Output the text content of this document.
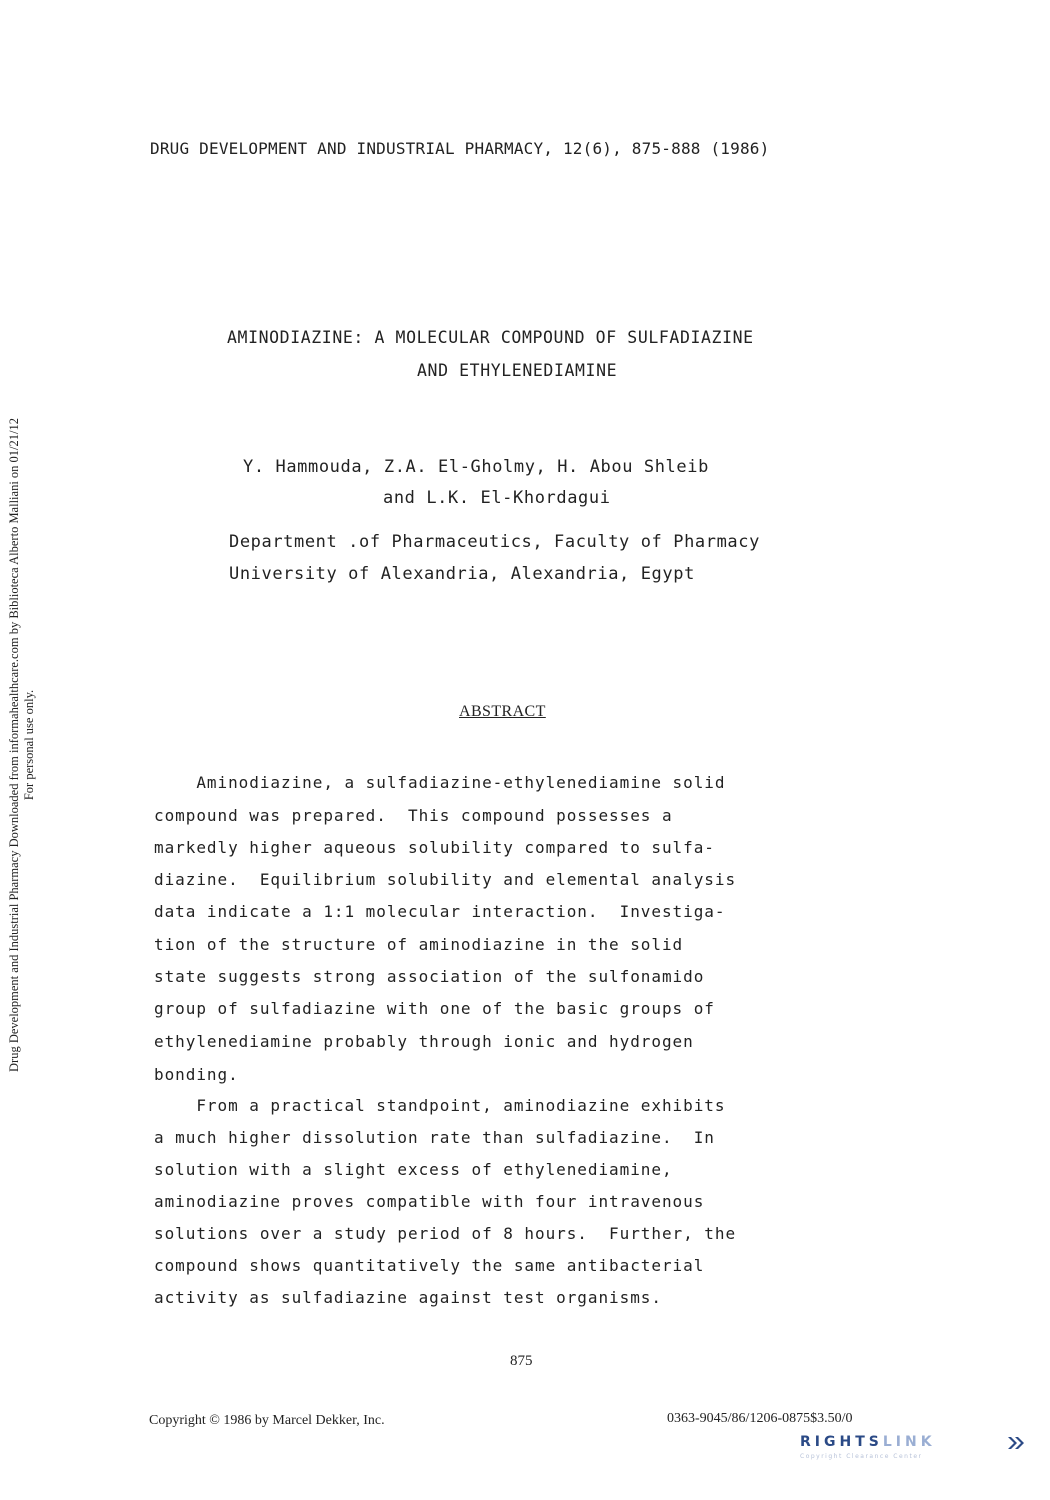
DRUG DEVELOPMENT AND INDUSTRIAL PHARMACY, 12(6), 875-888 (1986)
AMINODIAZINE: A MOLECULAR COMPOUND OF SULFADIAZINE
AND ETHYLENEDIAMINE
Y. Hammouda, Z.A. El-Gholmy, H. Abou Shleib
and L.K. El-Khordagui
Department .of Pharmaceutics, Faculty of Pharmacy
University of Alexandria, Alexandria, Egypt
ABSTRACT
Aminodiazine, a sulfadiazine-ethylenediamine solid
compound was prepared.  This compound possesses a
markedly higher aqueous solubility compared to sulfa-
diazine.  Equilibrium solubility and elemental analysis
data indicate a 1:1 molecular interaction.  Investiga-
tion of the structure of aminodiazine in the solid
state suggests strong association of the sulfonamido
group of sulfadiazine with one of the basic groups of
ethylenediamine probably through ionic and hydrogen
bonding.
From a practical standpoint, aminodiazine exhibits
a much higher dissolution rate than sulfadiazine.  In
solution with a slight excess of ethylenediamine,
aminodiazine proves compatible with four intravenous
solutions over a study period of 8 hours.  Further, the
compound shows quantitatively the same antibacterial
activity as sulfadiazine against test organisms.
875
Copyright © 1986 by Marcel Dekker, Inc.	0363-9045/86/1206-0875$3.50/0
Drug Development and Industrial Pharmacy Downloaded from informahealthcare.com by Biblioteca Alberto Malliani on 01/21/12 For personal use only.
RIGHTSLINK
Copyright Clearance Center
